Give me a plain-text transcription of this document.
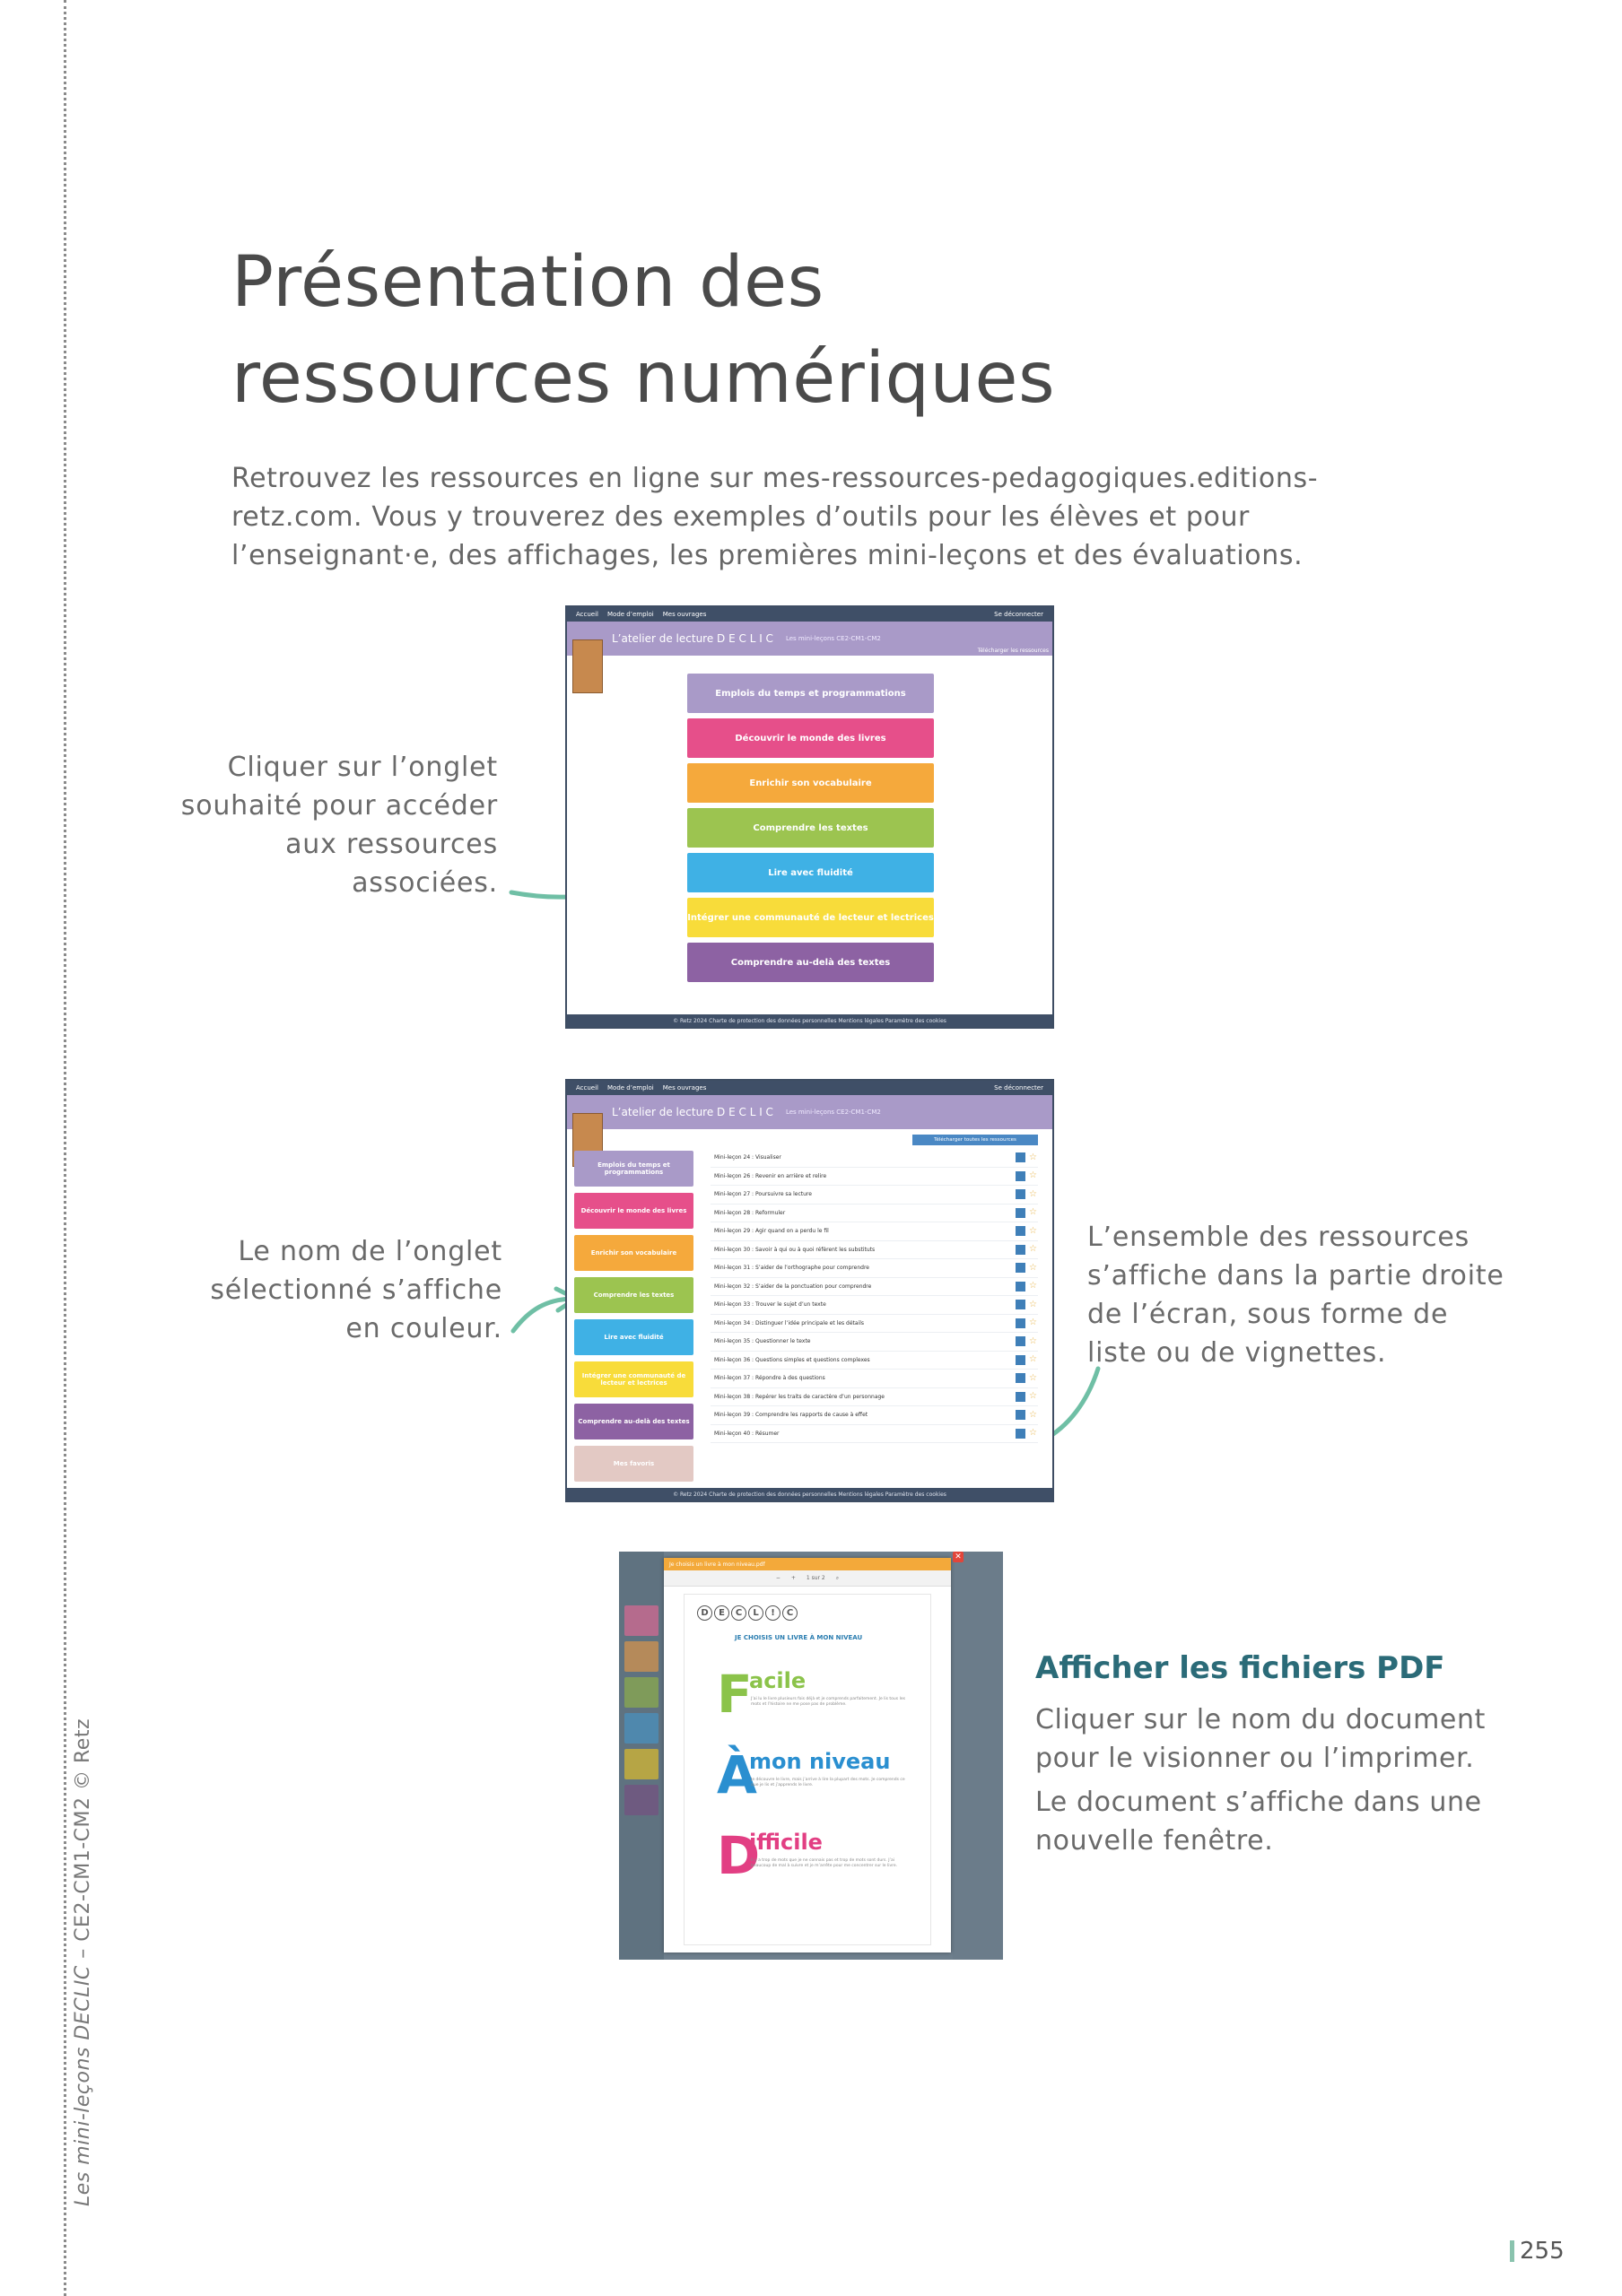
Les mini-leçons DECLIC – CE2-CM1-CM2 © Retz
Présentation des ressources numériques

Retrouvez les ressources en ligne sur mes-ressources-pedagogiques.editions-retz.com. Vous y trouverez des exemples d’outils pour les élèves et pour l’enseignant·e, des affichages, les premières mini-leçons et des évaluations.

Cliquer sur l’onglet souhaité pour accéder aux ressources associées.

Le nom de l’onglet sélectionné s’affiche en couleur.

L’ensemble des ressources s’affiche dans la partie droite de l’écran, sous forme de liste ou de vignettes.

Accueil Mode d’emploi Mes ouvrages	Se déconnecter
L’atelier de lecture D E C L I C Les mini-leçons CE2-CM1-CM2
Télécharger les ressources
Emplois du temps et programmations
Découvrir le monde des livres
Enrichir son vocabulaire
Comprendre les textes
Lire avec fluidité
Intégrer une communauté de lecteur et lectrices
Comprendre au-delà des textes
© Retz 2024 Charte de protection des données personnelles Mentions légales Paramètre des cookies
Accueil Mode d’emploi Mes ouvrages	Se déconnecter
L’atelier de lecture D E C L I C Les mini-leçons CE2-CM1-CM2
Télécharger toutes les ressources
Emplois du temps et programmations
Découvrir le monde des livres
Enrichir son vocabulaire
Comprendre les textes
Lire avec fluidité
Intégrer une communauté de lecteur et lectrices
Comprendre au-delà des textes
Mes favoris
Mini-leçon 24 : Visualiser	☆
Mini-leçon 26 : Revenir en arrière et relire	☆
Mini-leçon 27 : Poursuivre sa lecture	☆
Mini-leçon 28 : Reformuler	☆
Mini-leçon 29 : Agir quand on a perdu le fil	☆
Mini-leçon 30 : Savoir à qui ou à quoi réfèrent les substituts	☆
Mini-leçon 31 : S’aider de l’orthographe pour comprendre	☆
Mini-leçon 32 : S’aider de la ponctuation pour comprendre	☆
Mini-leçon 33 : Trouver le sujet d’un texte	☆
Mini-leçon 34 : Distinguer l’idée principale et les détails	☆
Mini-leçon 35 : Questionner le texte	☆
Mini-leçon 36 : Questions simples et questions complexes	☆
Mini-leçon 37 : Répondre à des questions	☆
Mini-leçon 38 : Repérer les traits de caractère d’un personnage	☆
Mini-leçon 39 : Comprendre les rapports de cause à effet	☆
Mini-leçon 40 : Résumer	☆
© Retz 2024 Charte de protection des données personnelles Mentions légales Paramètre des cookies
Je choisis un livre à mon niveau.pdf
− + 1 sur 2 ⌕
D	E	C	L	!	C
JE CHOISIS UN LIVRE À MON NIVEAU
F
acile
J’ai lu le livre plusieurs fois déjà et je comprends parfaitement. Je lis tous les mots et l’histoire ne me pose pas de problème.
À
mon niveau
Je découvre le livre, mais j’arrive à lire la plupart des mots. Je comprends ce que je lis et j’apprends le livre.
D
ifficile
Il y a trop de mots que je ne connais pas et trop de mots sont durs. J’ai beaucoup de mal à suivre et je m’arrête pour me concentrer sur le livre.
✕
Afficher les fichiers PDF

Cliquer sur le nom du document pour le visionner ou l’imprimer.

Le document s’affiche dans une nouvelle fenêtre.

255
